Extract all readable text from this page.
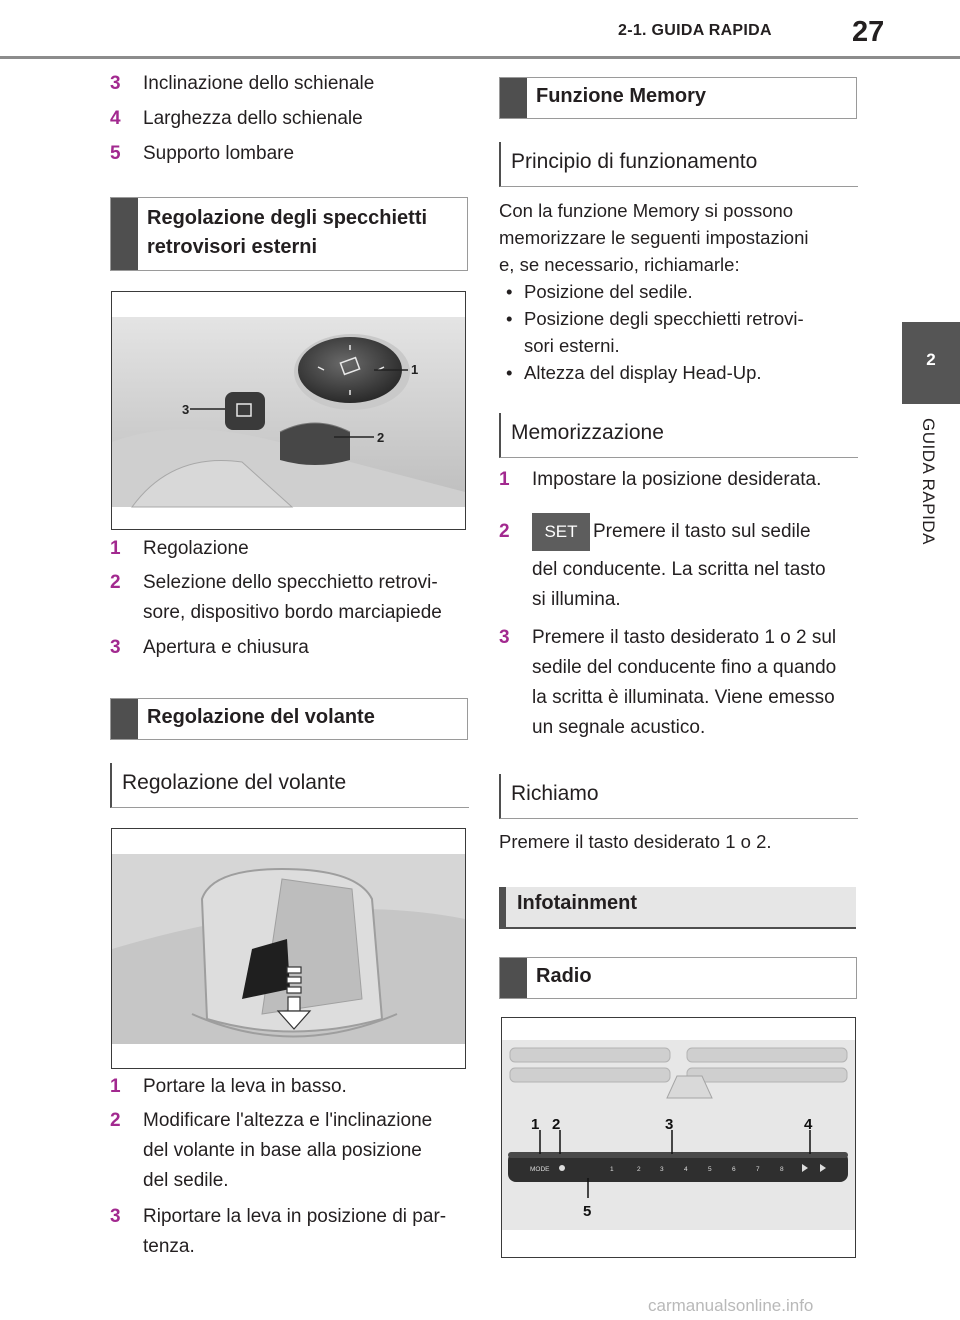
2-1. GUIDA RAPIDA	27
2
GUIDA RAPIDA
3 Inclinazione dello schienale
4 Larghezza dello schienale
5 Supporto lombare
Regolazione degli specchietti
retrovisori esterni
1
2
3
1 Regolazione
2 Selezione dello specchietto retrovi-
sore, dispositivo bordo marciapiede
3 Apertura e chiusura
Regolazione del volante
Regolazione del volante
1 Portare la leva in basso.
2 Modificare l'altezza e l'inclinazione
del volante in base alla posizione
del sedile.
3 Riportare la leva in posizione di par-
tenza.
Funzione Memory
Principio di funzionamento
Con la funzione Memory si possono
memorizzare le seguenti impostazioni
e, se necessario, richiamarle:
• Posizione del sedile.
• Posizione degli specchietti retrovi-
sori esterni.
• Altezza del display Head-Up.
Memorizzazione
1 Impostare la posizione desiderata.
2	SET Premere il tasto sul sedile
del conducente. La scritta nel tasto
si illumina.
3 Premere il tasto desiderato 1 o 2 sul
sedile del conducente fino a quando
la scritta è illuminata. Viene emesso
un segnale acustico.
Richiamo
Premere il tasto desiderato 1 o 2.
Infotainment
Radio
MODE	1	2	3	4	5	6	7	8
1 2	3	4
5
carmanualsonline.info
